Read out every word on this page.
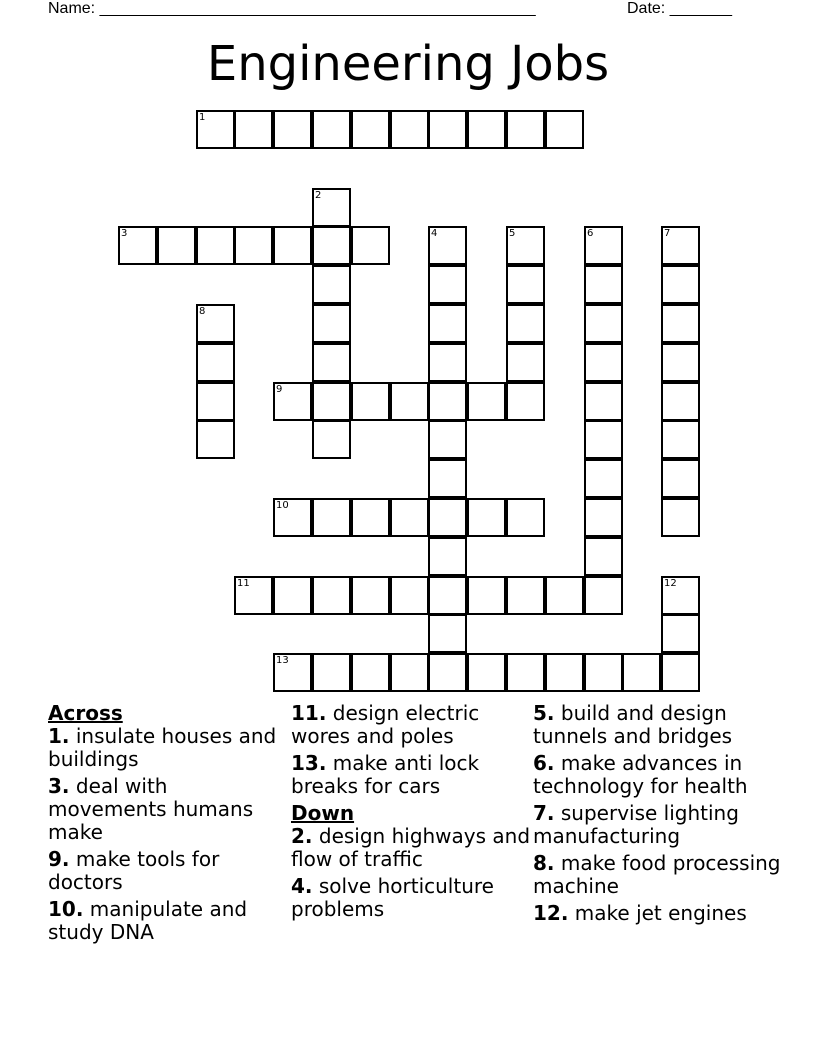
Name: _________________________________________________	Date: _______
Engineering Jobs
1
2
3	4	5	6	7
8
9
10
11	12
13

Across

1. insulate houses and buildings

3. deal with movements humans make

9. make tools for doctors

10. manipulate and study DNA

11. design electric wores and poles

13. make anti lock breaks for cars

Down

2. design highways and flow of traffic

4. solve horticulture problems

5. build and design tunnels and bridges

6. make advances in technology for health

7. supervise lighting manufacturing

8. make food processing machine

12. make jet engines
